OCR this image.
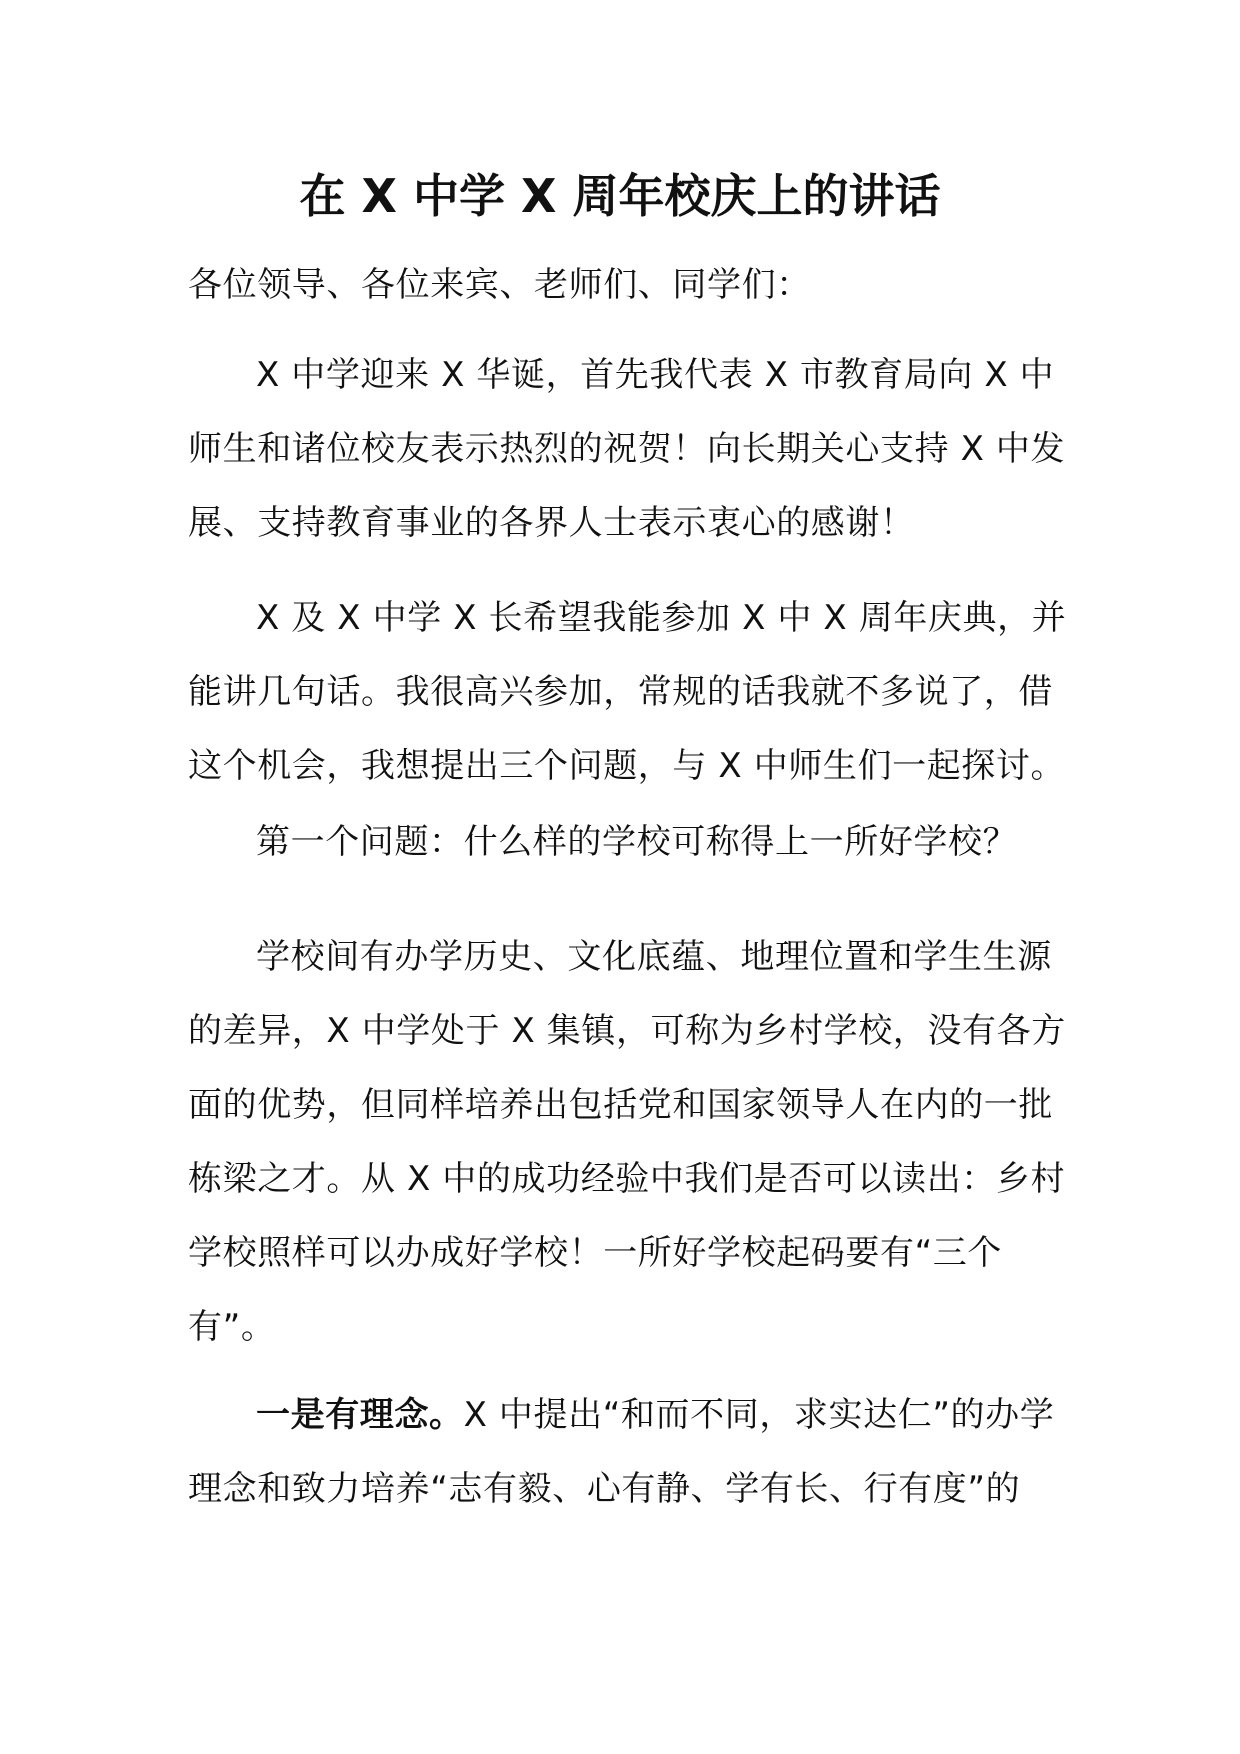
在 X 中学 X 周年校庆上的讲话
各位领导、各位来宾、老师们、同学们：

X 中学迎来 X 华诞，首先我代表 X 市教育局向 X 中师生和诸位校友表示热烈的祝贺！向长期关心支持 X 中发展、支持教育事业的各界人士表示衷心的感谢！

X 及 X 中学 X 长希望我能参加 X 中 X 周年庆典，并能讲几句话。我很高兴参加，常规的话我就不多说了，借这个机会，我想提出三个问题，与 X 中师生们一起探讨。

第一个问题：什么样的学校可称得上一所好学校？

学校间有办学历史、文化底蕴、地理位置和学生生源的差异，X 中学处于 X 集镇，可称为乡村学校，没有各方面的优势，但同样培养出包括党和国家领导人在内的一批栋梁之才。从 X 中的成功经验中我们是否可以读出：乡村学校照样可以办成好学校！一所好学校起码要有“三个有”。

一是有理念。X 中提出“和而不同，求实达仁”的办学理念和致力培养“志有毅、心有静、学有长、行有度”的
